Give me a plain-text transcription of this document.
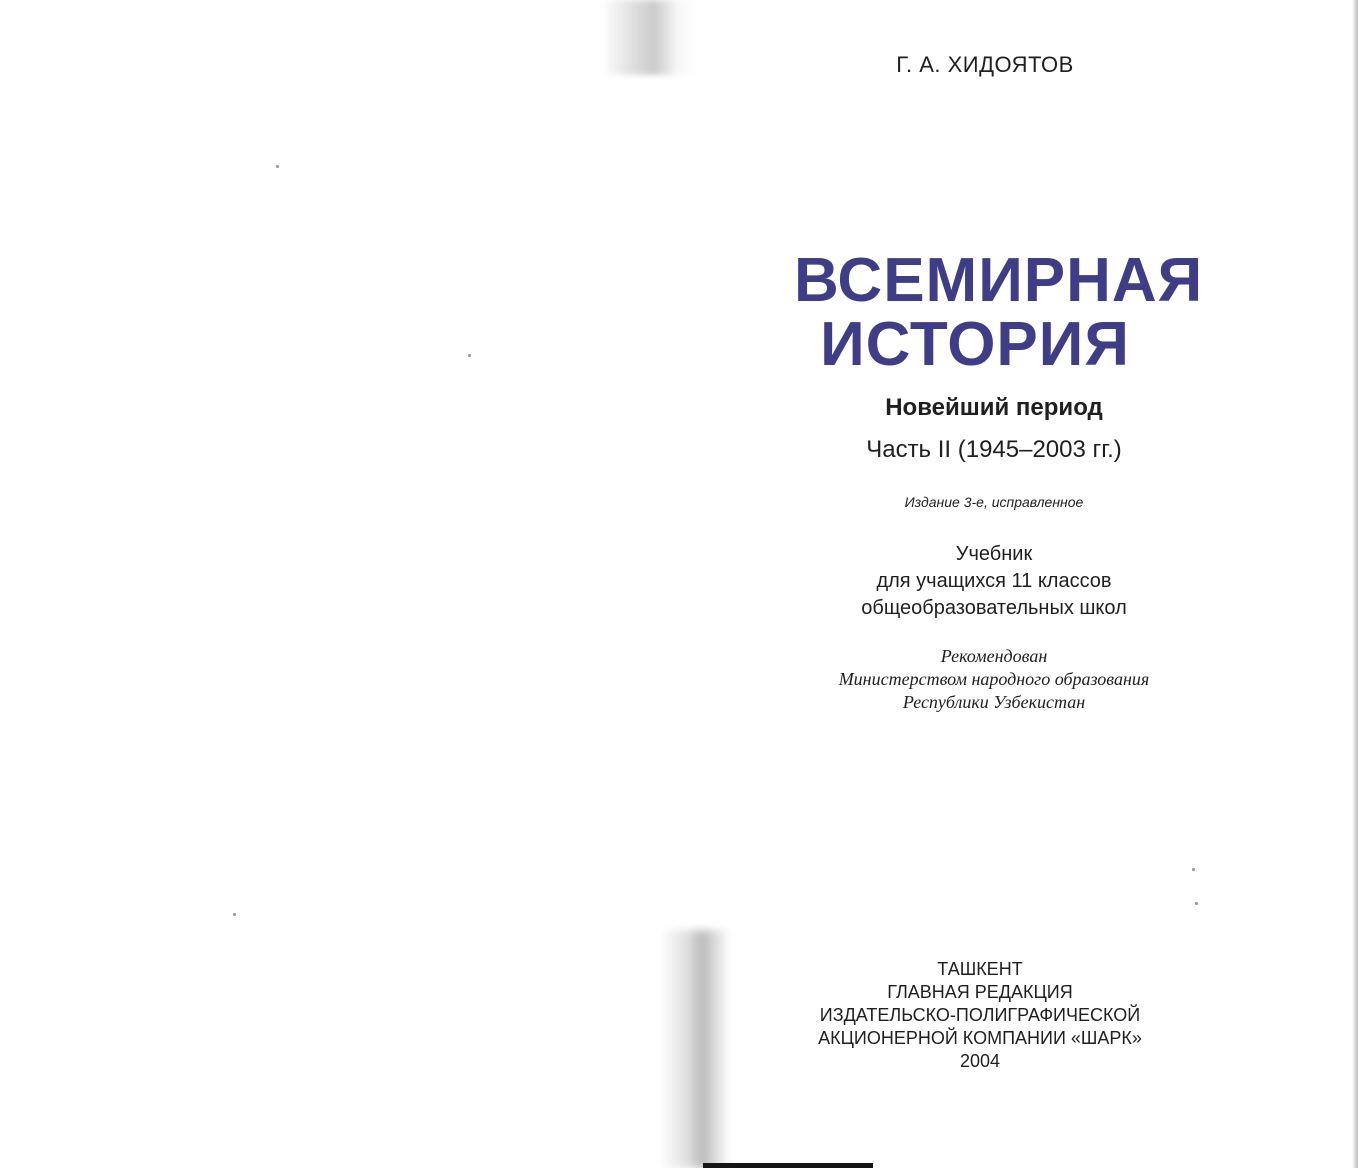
Г. А. ХИДОЯТОВ
ВСЕМИРНАЯ
ИСТОРИЯ
Новейший период
Часть II (1945–2003 гг.)
Издание 3-е, исправленное
Учебник
для учащихся 11 классов
общеобразовательных школ
Рекомендован
Министерством народного образования
Республики Узбекистан
ТАШКЕНТ
ГЛАВНАЯ РЕДАКЦИЯ
ИЗДАТЕЛЬСКО-ПОЛИГРАФИЧЕСКОЙ
АКЦИОНЕРНОЙ КОМПАНИИ «ШАРК»
2004
